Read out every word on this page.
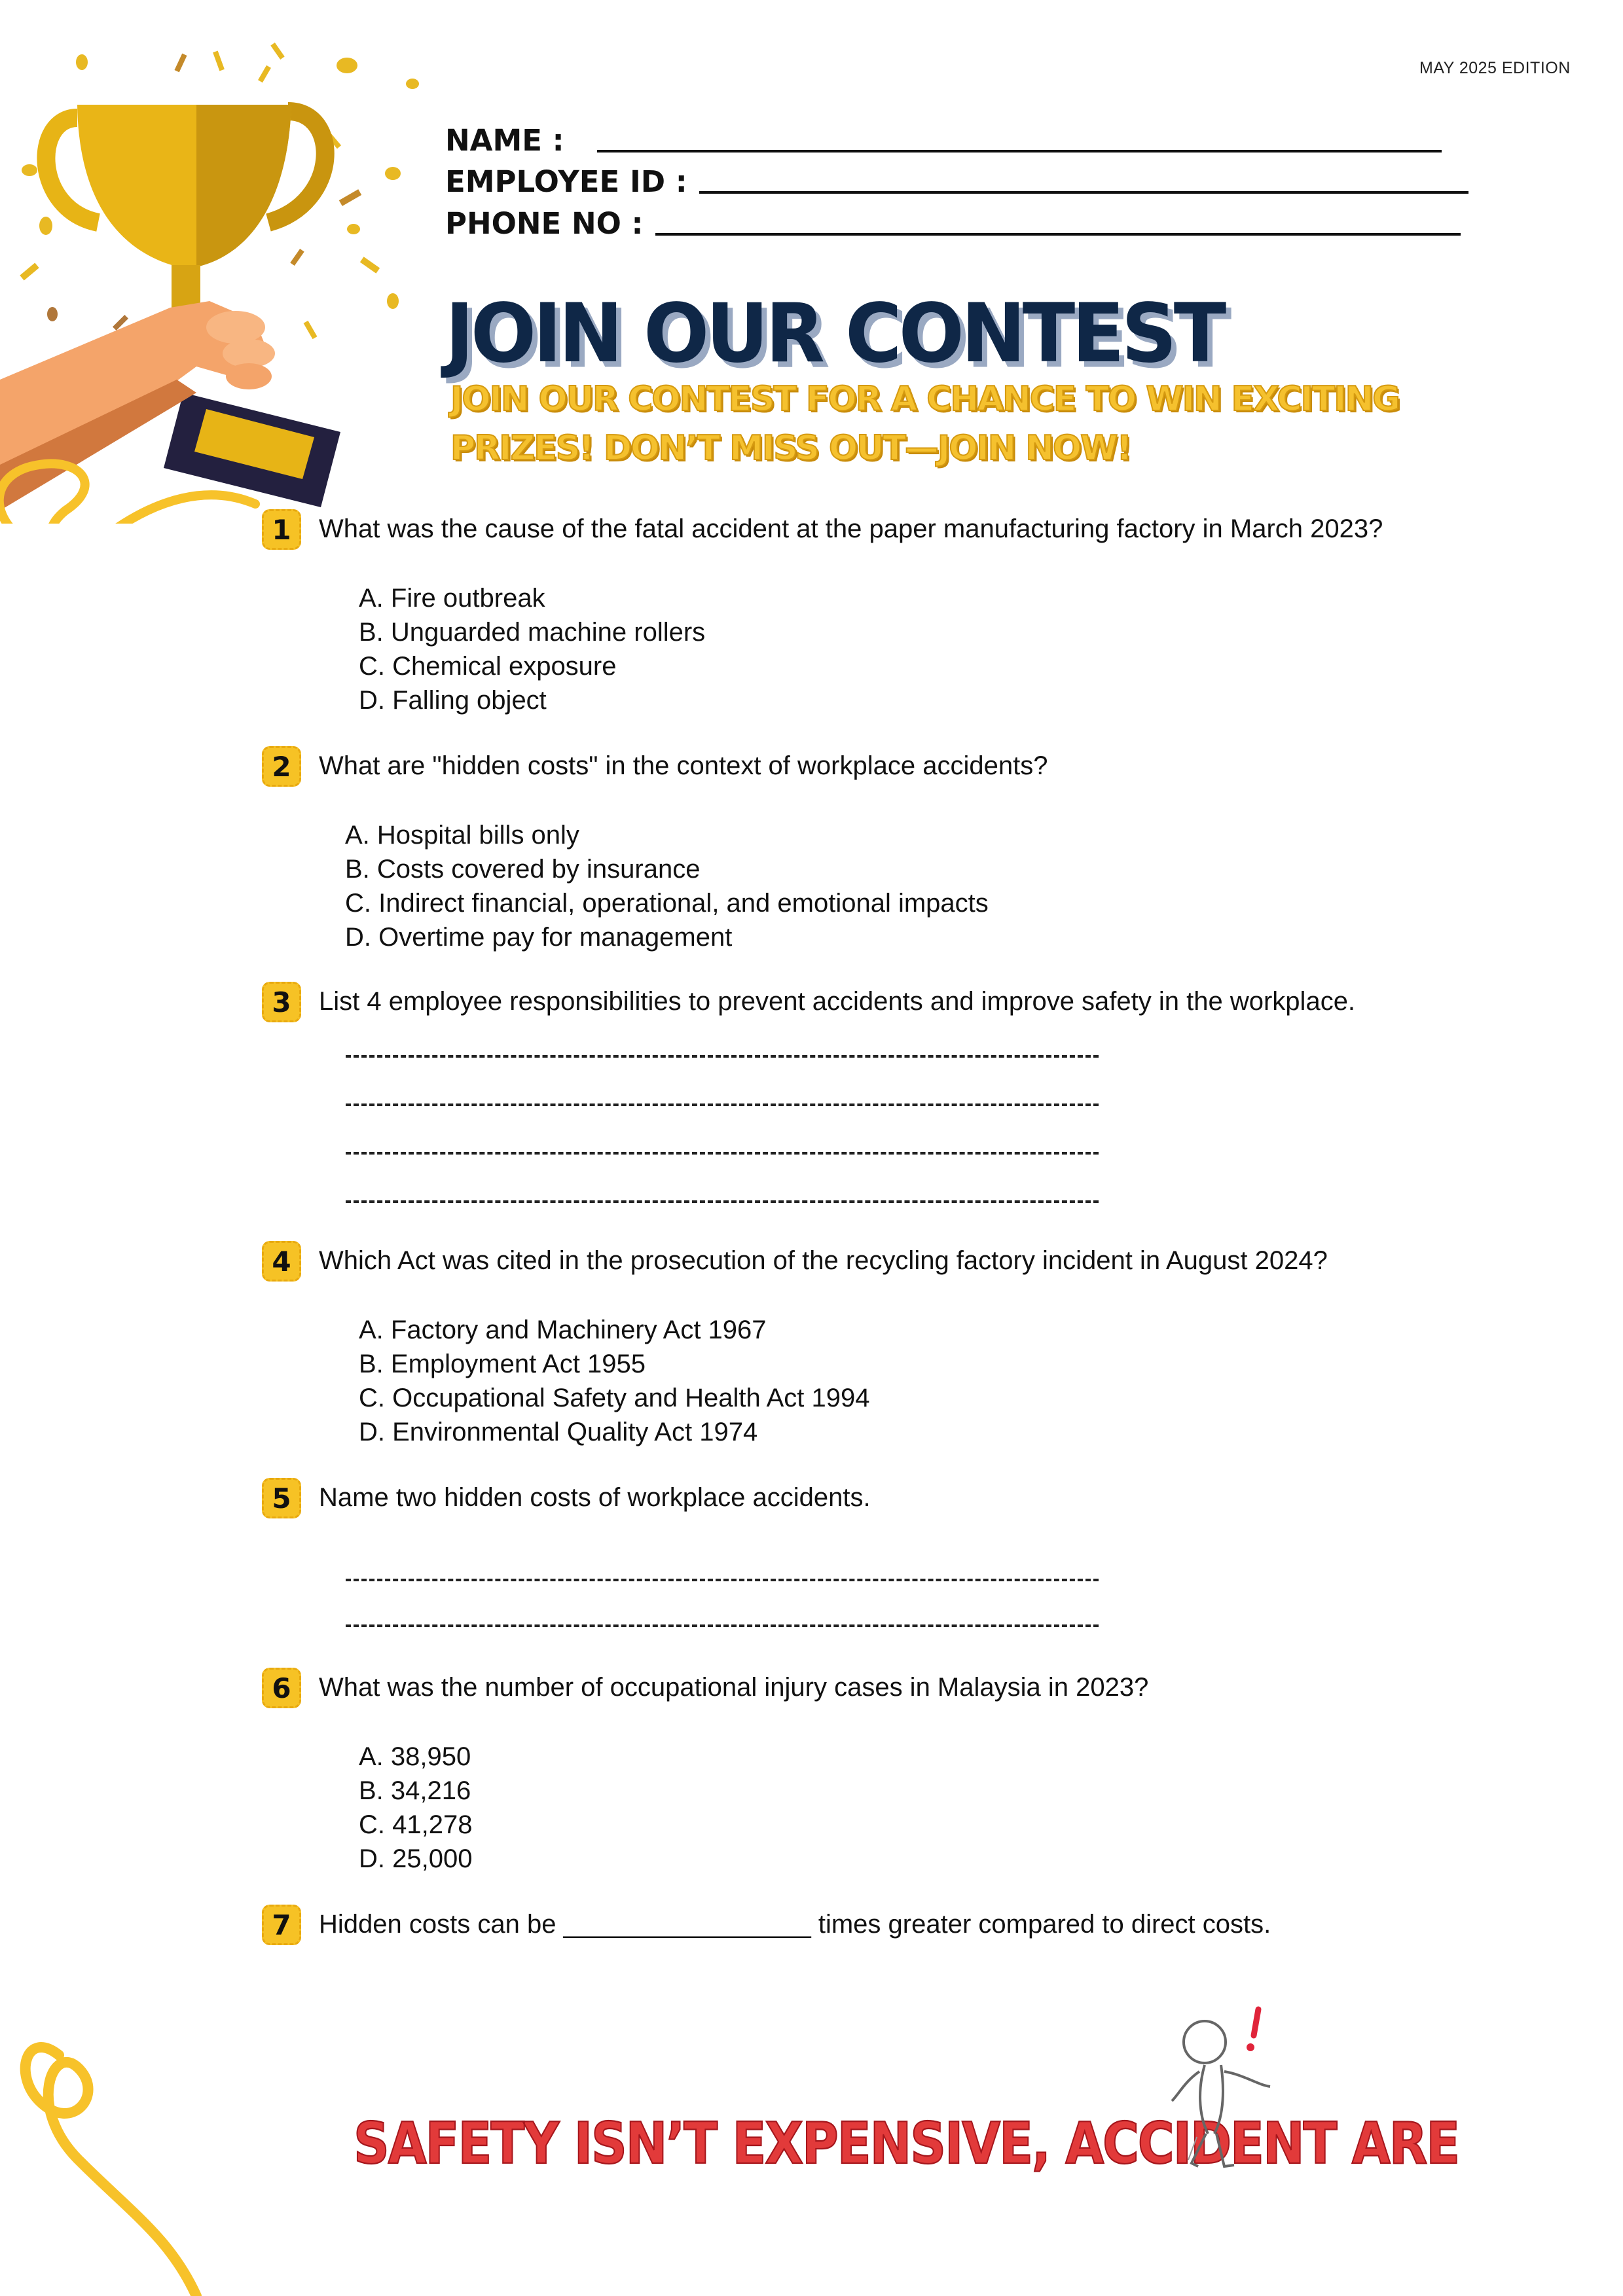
MAY 2025 EDITION
NAME :
EMPLOYEE ID :
PHONE NO :
JOIN OUR CONTEST
JOIN OUR CONTEST FOR A CHANCE TO WIN EXCITING
PRIZES! DON’T MISS OUT—JOIN NOW!
1	What was the cause of the fatal accident at the paper manufacturing factory in March 2023?
A. Fire outbreak
B. Unguarded machine rollers
C. Chemical exposure
D. Falling object
2	What are "hidden costs" in the context of workplace accidents?
A. Hospital bills only
B. Costs covered by insurance
C. Indirect financial, operational, and emotional impacts
D. Overtime pay for management
3	List 4 employee responsibilities to prevent accidents and improve safety in the workplace.
4	Which Act was cited in the prosecution of the recycling factory incident in August 2024?
A. Factory and Machinery Act 1967
B. Employment Act 1955
C. Occupational Safety and Health Act 1994
D. Environmental Quality Act 1974
5	Name two hidden costs of workplace accidents.
6	What was the number of occupational injury cases in Malaysia in 2023?
A. 38,950
B. 34,216
C. 41,278
D. 25,000
7	Hidden costs can be _________________ times greater compared to direct costs.
SAFETY ISN’T EXPENSIVE, ACCIDENT ARE
